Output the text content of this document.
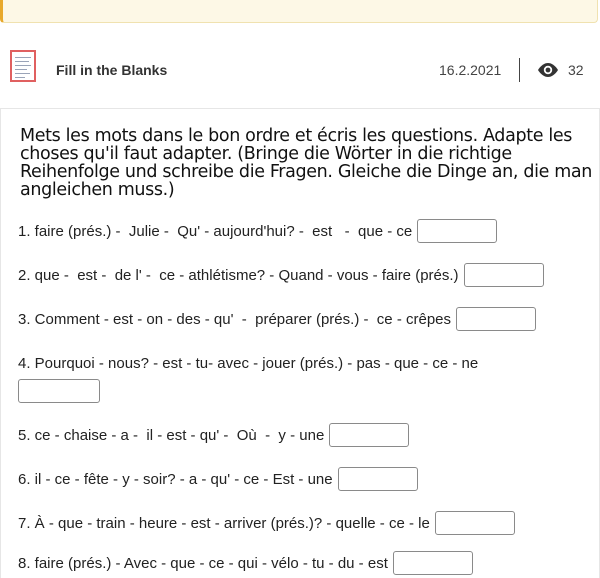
Fill in the Blanks	16.2.2021	32
Mets les mots dans le bon ordre et écris les questions. Adapte les choses qu'il faut adapter. (Bringe die Wörter in die richtige Reihenfolge und schreibe die Fragen. Gleiche die Dinge an, die man angleichen muss.)
1. faire (prés.) -  Julie -  Qu' - aujourd'hui? -  est   -  que - ce
2. que -  est -  de l' -  ce - athlétisme? - Quand - vous - faire (prés.)
3. Comment - est - on - des - qu'  -  préparer (prés.) -  ce - crêpes
4. Pourquoi - nous? - est - tu- avec - jouer (prés.) - pas - que - ce - ne
5. ce - chaise - a -  il - est - qu' -  Où  -  y - une
6. il - ce - fête - y - soir? - a - qu' - ce - Est - une
7. À - que - train - heure - est - arriver (prés.)? - quelle - ce - le
8. faire (prés.) - Avec - que - ce - qui - vélo - tu - du - est
